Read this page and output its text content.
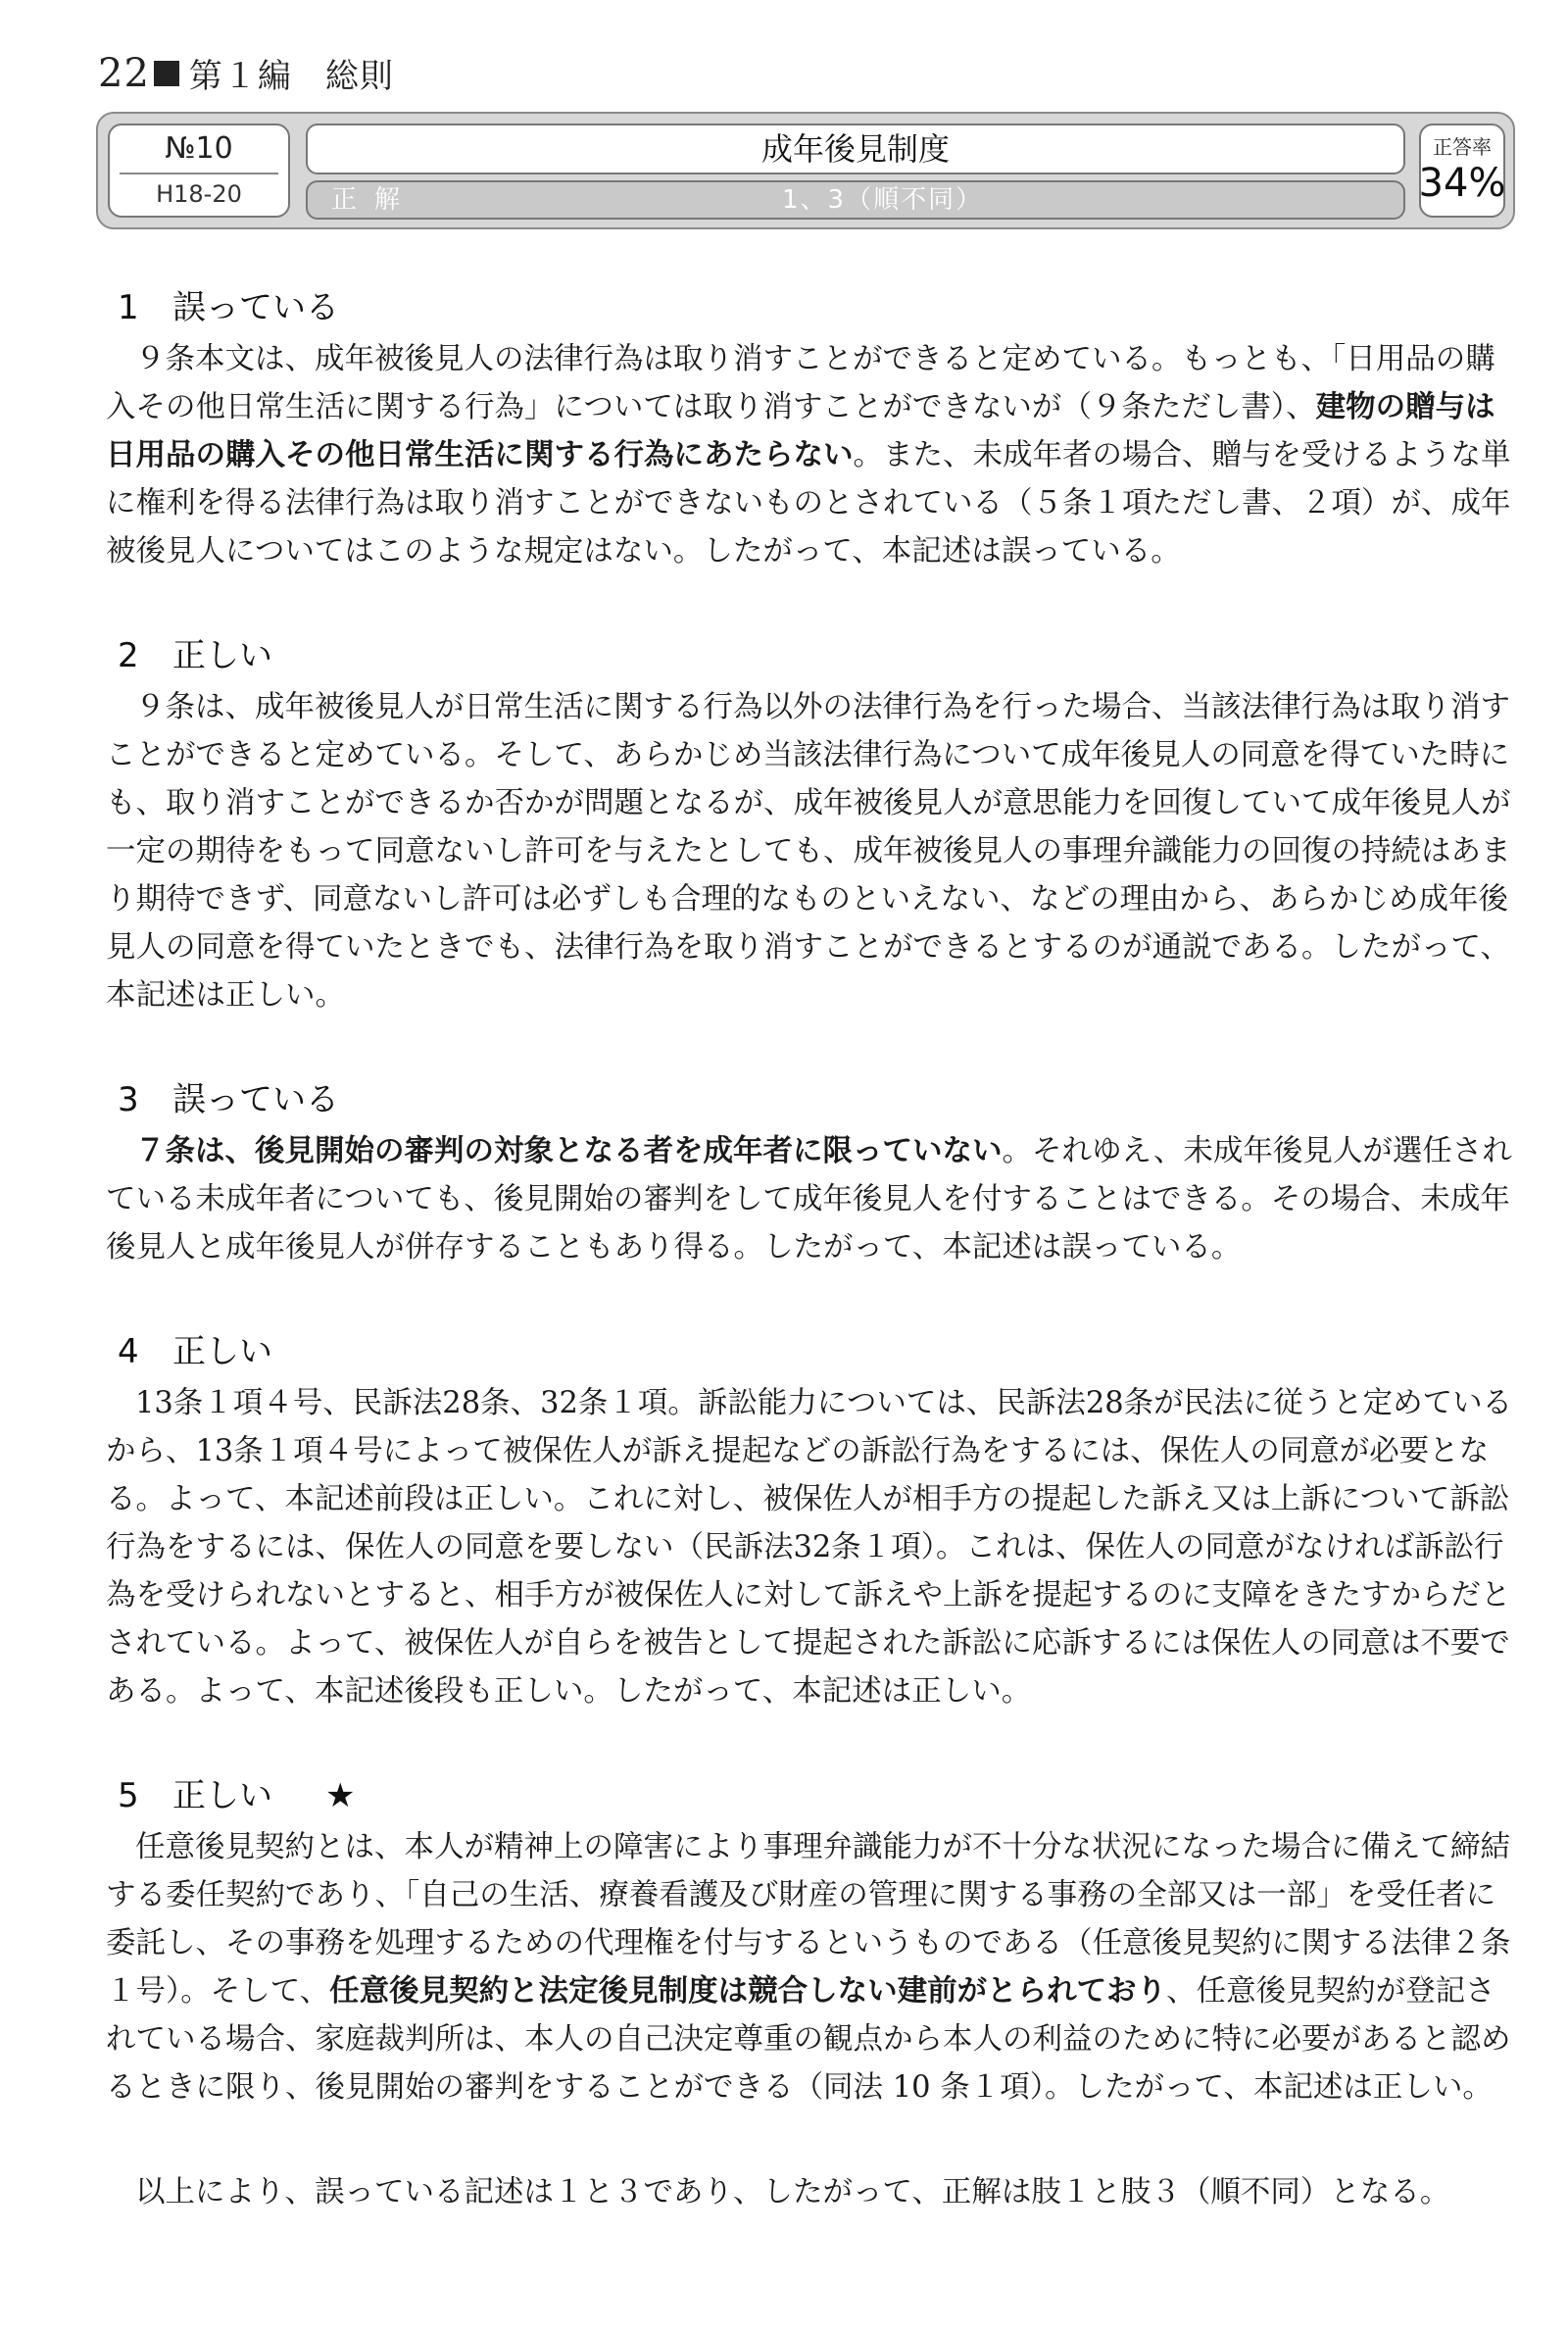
22 第１編 総則
№10
H18-20
成年後見制度
正解	1、3（順不同）
正答率
34%
1 誤っている

９条本文は、成年被後見人の法律行為は取り消すことができると定めている。もっとも、「日用品の購入その他日常生活に関する行為」については取り消すことができないが（９条ただし書）、建物の贈与は日用品の購入その他日常生活に関する行為にあたらない。また、未成年者の場合、贈与を受けるような単に権利を得る法律行為は取り消すことができないものとされている（５条１項ただし書、２項）が、成年被後見人についてはこのような規定はない。したがって、本記述は誤っている。

2 正しい

９条は、成年被後見人が日常生活に関する行為以外の法律行為を行った場合、当該法律行為は取り消すことができると定めている。そして、あらかじめ当該法律行為について成年後見人の同意を得ていた時にも、取り消すことができるか否かが問題となるが、成年被後見人が意思能力を回復していて成年後見人が一定の期待をもって同意ないし許可を与えたとしても、成年被後見人の事理弁識能力の回復の持続はあまり期待できず、同意ないし許可は必ずしも合理的なものといえない、などの理由から、あらかじめ成年後見人の同意を得ていたときでも、法律行為を取り消すことができるとするのが通説である。したがって、本記述は正しい。

3 誤っている

７条は、後見開始の審判の対象となる者を成年者に限っていない。それゆえ、未成年後見人が選任されている未成年者についても、後見開始の審判をして成年後見人を付することはできる。その場合、未成年後見人と成年後見人が併存することもあり得る。したがって、本記述は誤っている。

4 正しい

13条１項４号、民訴法28条、32条１項。訴訟能力については、民訴法28条が民法に従うと定めているから、13条１項４号によって被保佐人が訴え提起などの訴訟行為をするには、保佐人の同意が必要となる。よって、本記述前段は正しい。これに対し、被保佐人が相手方の提起した訴え又は上訴について訴訟行為をするには、保佐人の同意を要しない（民訴法32条１項）。これは、保佐人の同意がなければ訴訟行為を受けられないとすると、相手方が被保佐人に対して訴えや上訴を提起するのに支障をきたすからだとされている。よって、被保佐人が自らを被告として提起された訴訟に応訴するには保佐人の同意は不要である。よって、本記述後段も正しい。したがって、本記述は正しい。

5 正しい ★

任意後見契約とは、本人が精神上の障害により事理弁識能力が不十分な状況になった場合に備えて締結する委任契約であり、「自己の生活、療養看護及び財産の管理に関する事務の全部又は一部」を受任者に委託し、その事務を処理するための代理権を付与するというものである（任意後見契約に関する法律２条１号）。そして、任意後見契約と法定後見制度は競合しない建前がとられており、任意後見契約が登記されている場合、家庭裁判所は、本人の自己決定尊重の観点から本人の利益のために特に必要があると認めるときに限り、後見開始の審判をすることができる（同法 10 条１項）。したがって、本記述は正しい。

以上により、誤っている記述は１と３であり、したがって、正解は肢１と肢３（順不同）となる。
